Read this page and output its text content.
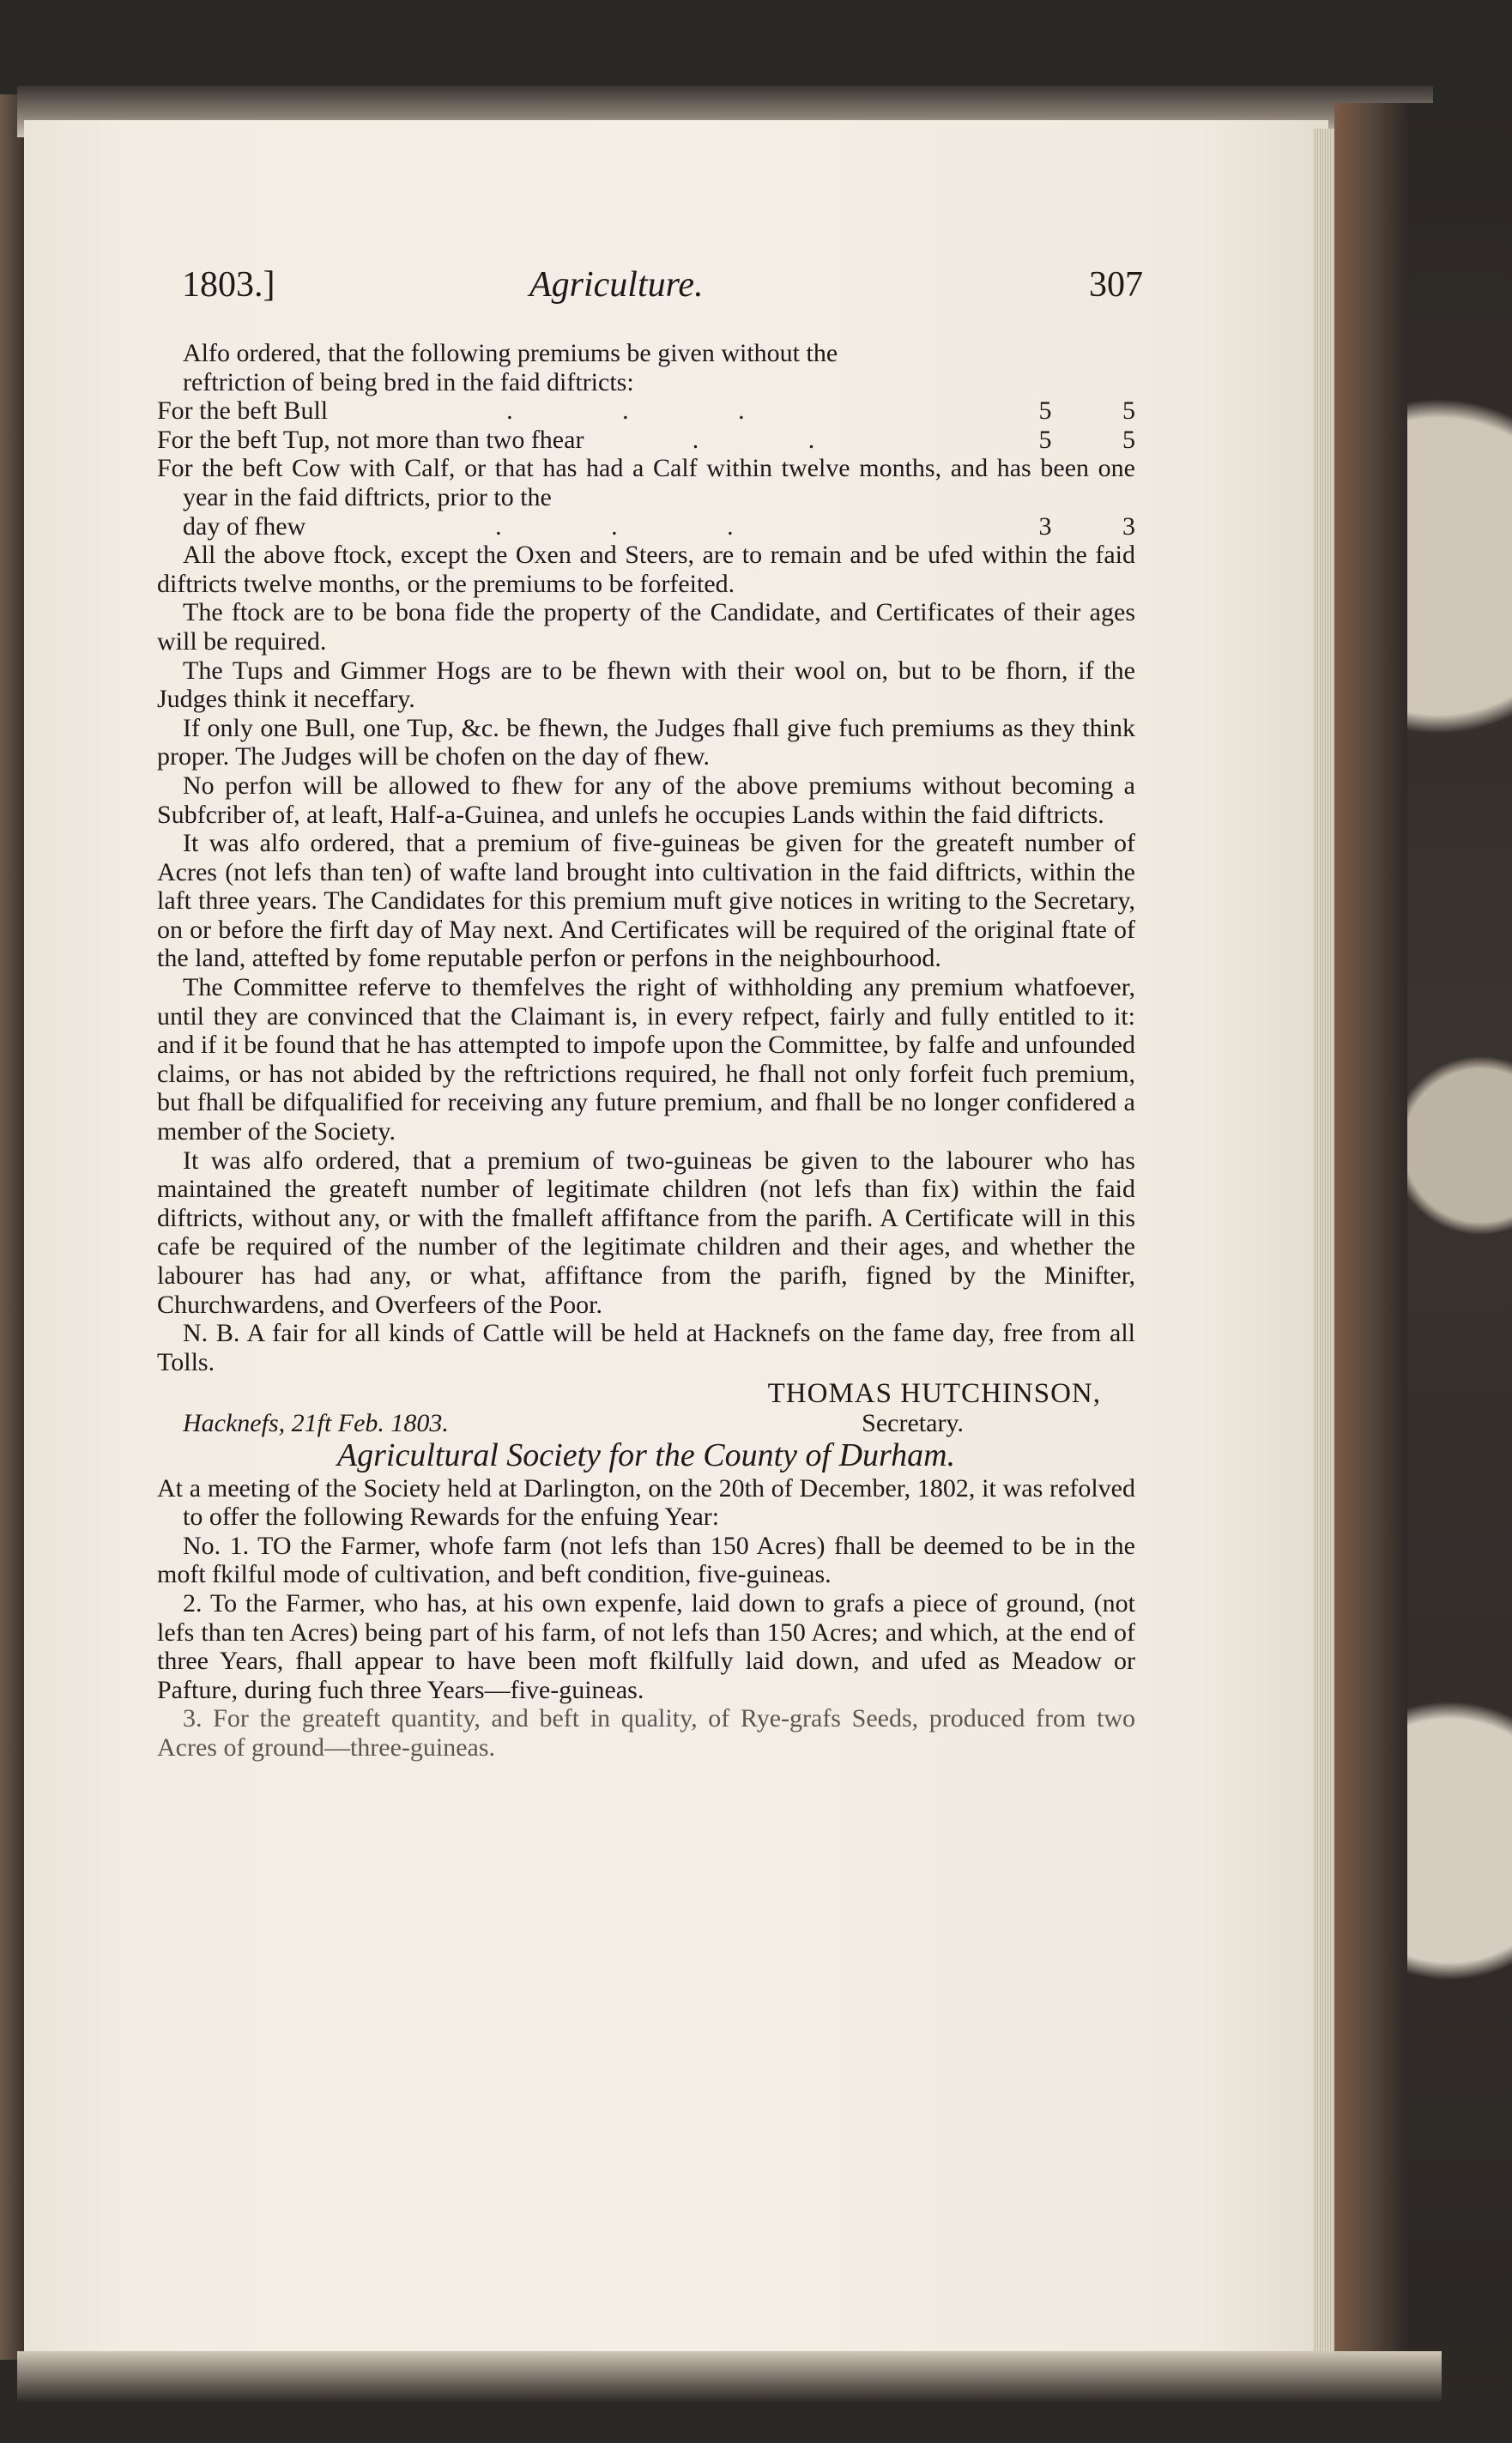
1803.]	Agriculture.	307

Alfo ordered, that the following premiums be given without the

reftriction of being bred in the faid diftricts:

For the beft Bull	. . .	5	5
For the beft Tup, not more than two fhear	. .	5	5

For the beft Cow with Calf, or that has had a Calf within twelve months, and has been one year in the faid diftricts, prior to the

day of fhew	. . .	3	3

All the above ftock, except the Oxen and Steers, are to remain and be ufed within the faid diftricts twelve months, or the premiums to be forfeited.

The ftock are to be bona fide the property of the Candidate, and Certificates of their ages will be required.

The Tups and Gimmer Hogs are to be fhewn with their wool on, but to be fhorn, if the Judges think it neceffary.

If only one Bull, one Tup, &c. be fhewn, the Judges fhall give fuch premiums as they think proper. The Judges will be chofen on the day of fhew.

No perfon will be allowed to fhew for any of the above premiums without becoming a Subfcriber of, at leaft, Half-a-Guinea, and unlefs he occupies Lands within the faid diftricts.

It was alfo ordered, that a premium of five-guineas be given for the greateft number of Acres (not lefs than ten) of wafte land brought into cultivation in the faid diftricts, within the laft three years. The Candidates for this premium muft give notices in writing to the Secretary, on or before the firft day of May next. And Certificates will be required of the original ftate of the land, attefted by fome reputable perfon or perfons in the neighbourhood.

The Committee referve to themfelves the right of withholding any premium whatfoever, until they are convinced that the Claimant is, in every refpect, fairly and fully entitled to it: and if it be found that he has attempted to impofe upon the Committee, by falfe and unfounded claims, or has not abided by the reftrictions required, he fhall not only forfeit fuch premium, but fhall be difqualified for receiving any future premium, and fhall be no longer confidered a member of the Society.

It was alfo ordered, that a premium of two-guineas be given to the labourer who has maintained the greateft number of legitimate children (not lefs than fix) within the faid diftricts, without any, or with the fmalleft affiftance from the parifh. A Certificate will in this cafe be required of the number of the legitimate children and their ages, and whether the labourer has had any, or what, affiftance from the parifh, figned by the Minifter, Churchwardens, and Overfeers of the Poor.

N. B. A fair for all kinds of Cattle will be held at Hacknefs on the fame day, free from all Tolls.

THOMAS HUTCHINSON,
Hacknefs, 21ft Feb. 1803.	Secretary.
Agricultural Society for the County of Durham.

At a meeting of the Society held at Darlington, on the 20th of December, 1802, it was refolved to offer the following Rewards for the enfuing Year:

No. 1. TO the Farmer, whofe farm (not lefs than 150 Acres) fhall be deemed to be in the moft fkilful mode of cultivation, and beft condition, five-guineas.

2. To the Farmer, who has, at his own expenfe, laid down to grafs a piece of ground, (not lefs than ten Acres) being part of his farm, of not lefs than 150 Acres; and which, at the end of three Years, fhall appear to have been moft fkilfully laid down, and ufed as Meadow or Pafture, during fuch three Years—five-guineas.

3. For the greateft quantity, and beft in quality, of Rye-grafs Seeds, produced from two Acres of ground—three-guineas.
